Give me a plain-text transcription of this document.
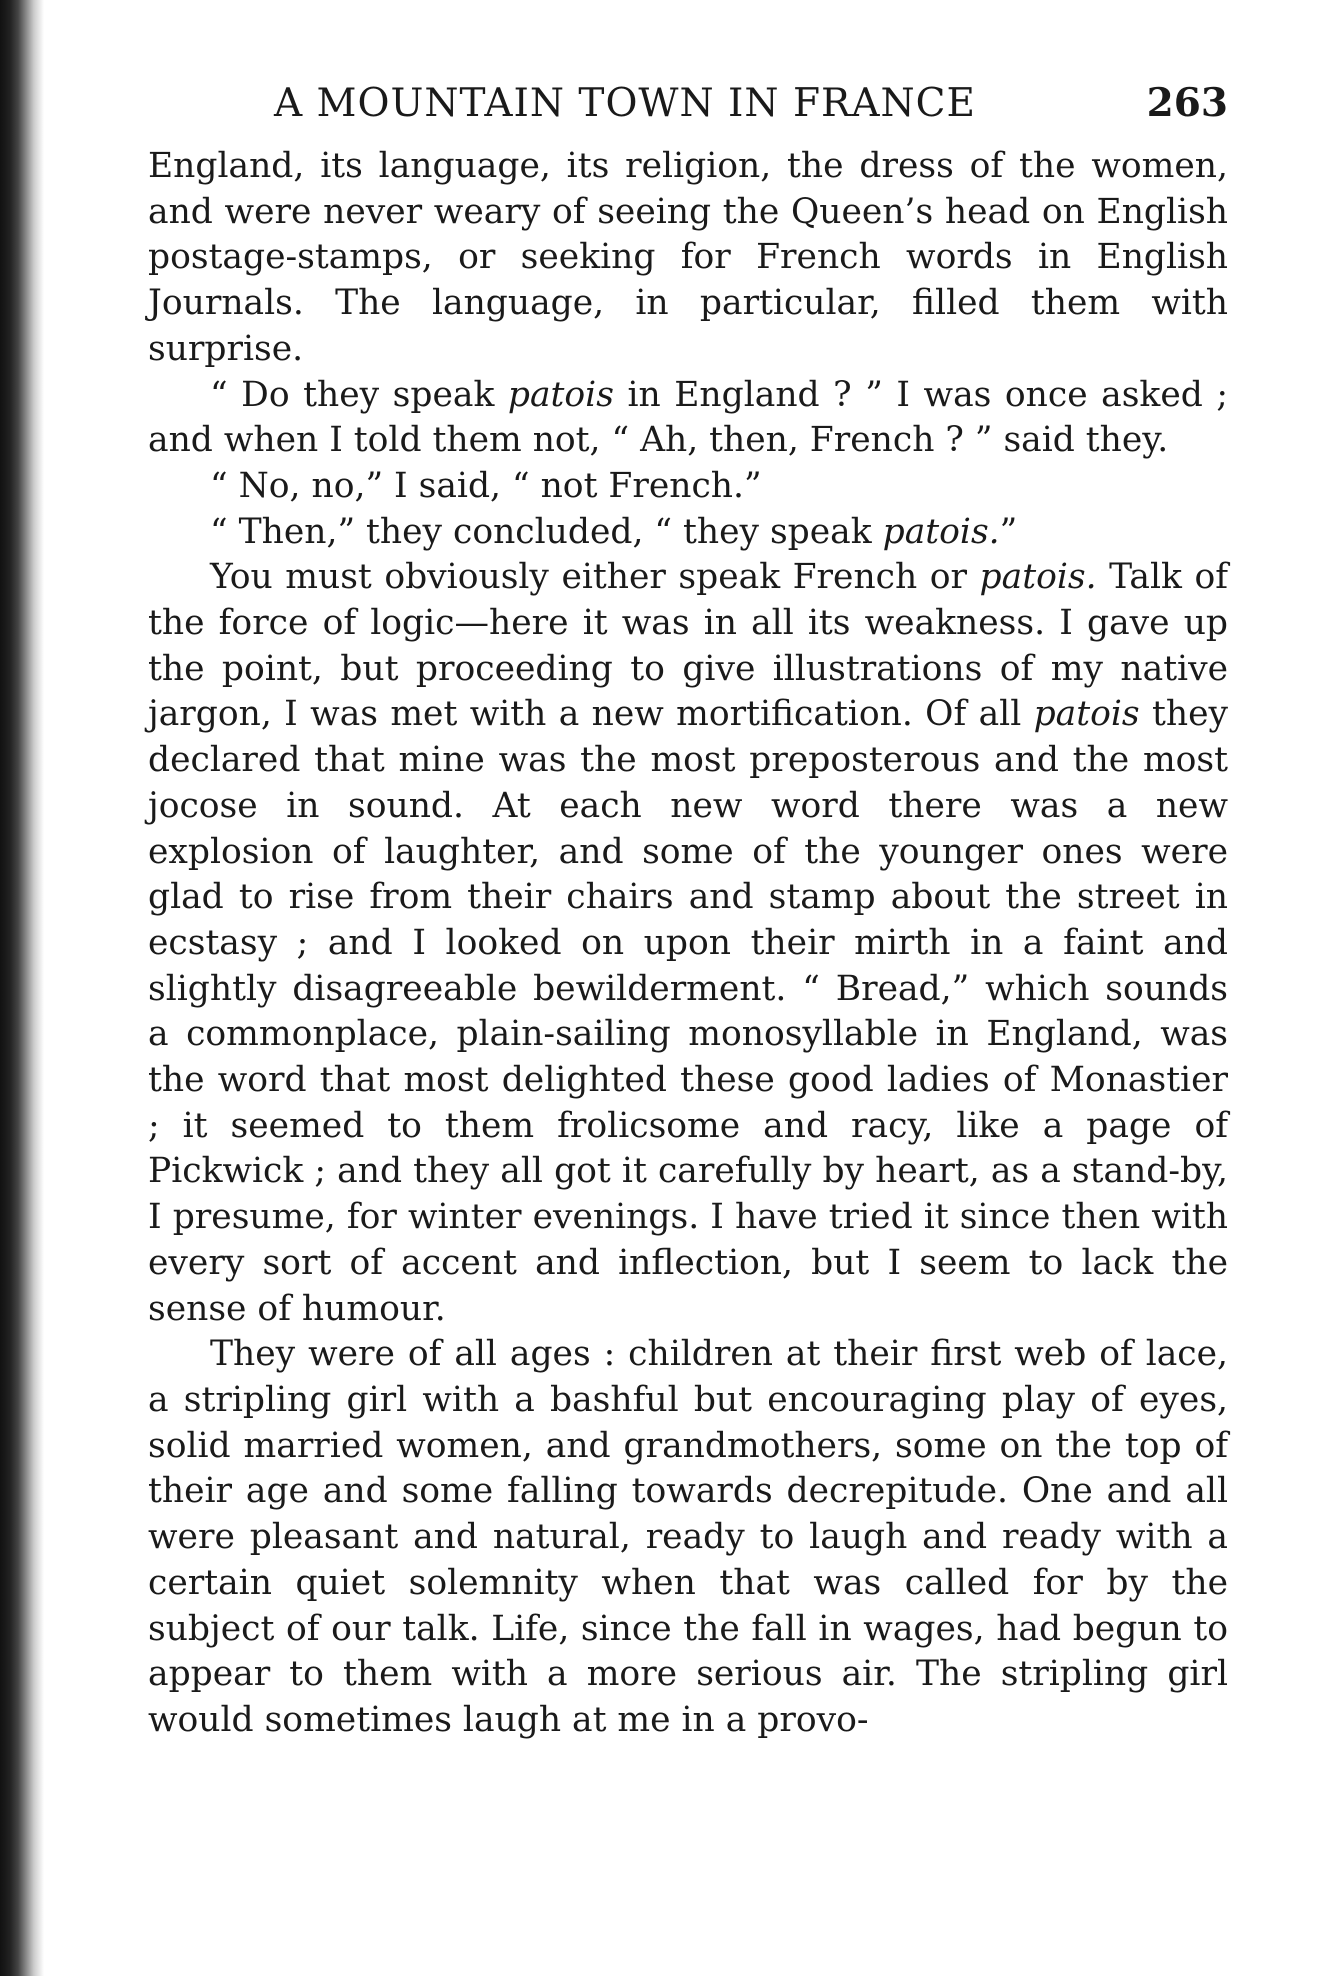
A MOUNTAIN TOWN IN FRANCE	263

England, its language, its religion, the dress of the women, and were never weary of seeing the Queen’s head on English postage-stamps, or seeking for French words in English Journals. The language, in particular, filled them with surprise.

“ Do they speak patois in England ? ” I was once asked ; and when I told them not, “ Ah, then, French ? ” said they.

“ No, no,” I said, “ not French.”

“ Then,” they concluded, “ they speak patois.”

You must obviously either speak French or patois. Talk of the force of logic—here it was in all its weakness. I gave up the point, but proceeding to give illustrations of my native jargon, I was met with a new mortification. Of all patois they declared that mine was the most preposterous and the most jocose in sound. At each new word there was a new explosion of laughter, and some of the younger ones were glad to rise from their chairs and stamp about the street in ecstasy ; and I looked on upon their mirth in a faint and slightly disagreeable bewilderment. “ Bread,” which sounds a commonplace, plain-sailing monosyllable in England, was the word that most delighted these good ladies of Monastier ; it seemed to them frolicsome and racy, like a page of Pickwick ; and they all got it carefully by heart, as a stand-by, I presume, for winter evenings. I have tried it since then with every sort of accent and inflection, but I seem to lack the sense of humour.

They were of all ages : children at their first web of lace, a stripling girl with a bashful but encouraging play of eyes, solid married women, and grandmothers, some on the top of their age and some falling towards decrepitude. One and all were pleasant and natural, ready to laugh and ready with a certain quiet solemnity when that was called for by the subject of our talk. Life, since the fall in wages, had begun to appear to them with a more serious air. The stripling girl would sometimes laugh at me in a provo-
